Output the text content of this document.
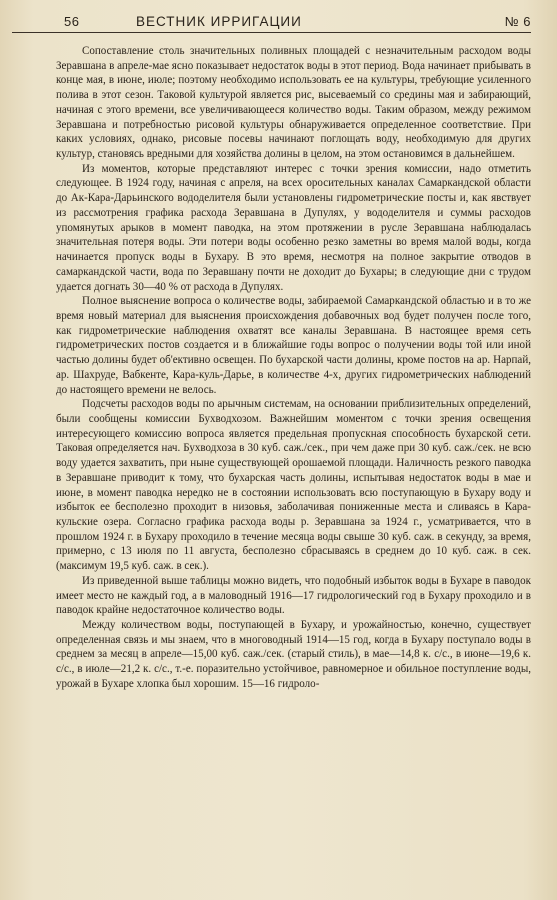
56	ВЕСТНИК ИРРИГАЦИИ	№ 6

Сопоставление столь значительных поливных площадей с незначительным расходом воды Зеравшана в апреле-мае ясно показывает недостаток воды в этот период. Вода начинает прибывать в конце мая, в июне, июле; поэтому необходимо использовать ее на культуры, требующие усиленного полива в этот сезон. Таковой культурой является рис, высеваемый со средины мая и забирающий, начиная с этого времени, все увеличивающееся количество воды. Таким образом, между режимом Зеравшана и потребностью рисовой культуры обнаруживается определенное соответствие. При каких условиях, однако, рисовые посевы начинают поглощать воду, необходимую для других культур, становясь вредными для хозяйства долины в целом, на этом остановимся в дальнейшем.

Из моментов, которые представляют интерес с точки зрения комиссии, надо отметить следующее. В 1924 году, начиная с апреля, на всех оросительных каналах Самаркандской области до Ак-Кара-Дарьинского вододелителя были установлены гидрометрические посты и, как явствует из рассмотрения графика расхода Зеравшана в Дупулях, у вододелителя и суммы расходов упомянутых арыков в момент паводка, на этом протяжении в русле Зеравшана наблюдалась значительная потеря воды. Эти потери воды особенно резко заметны во время малой воды, когда начинается пропуск воды в Бухару. В это время, несмотря на полное закрытие отводов в самаркандской части, вода по Зеравшану почти не доходит до Бухары; в следующие дни с трудом удается догнать 30—40 % от расхода в Дупулях.

Полное выяснение вопроса о количестве воды, забираемой Самаркандской областью и в то же время новый материал для выяснения происхождения добавочных вод будет получен после того, как гидрометрические наблюдения охватят все каналы Зеравшана. В настоящее время сеть гидрометрических постов создается и в ближайшие годы вопрос о получении воды той или иной частью долины будет об'ективно освещен. По бухарской части долины, кроме постов на ар. Нарпай, ар. Шахруде, Вабкенте, Кара-куль-Дарье, в количестве 4-х, других гидрометрических наблюдений до настоящего времени не велось.

Подсчеты расходов воды по арычным системам, на основании приблизительных определений, были сообщены комиссии Бухводхозом. Важнейшим моментом с точки зрения освещения интересующего комиссию вопроса является предельная пропускная способность бухарской сети. Таковая определяется нач. Бухводхоза в 30 куб. саж./сек., при чем даже при 30 куб. саж./сек. не всю воду удается захватить, при ныне существующей орошаемой площади. Наличность резкого паводка в Зеравшане приводит к тому, что бухарская часть долины, испытывая недостаток воды в мае и июне, в момент паводка нередко не в состоянии использовать всю поступающую в Бухару воду и избыток ее бесполезно проходит в низовья, заболачивая пониженные места и сливаясь в Кара-кульские озера. Согласно графика расхода воды р. Зеравшана за 1924 г., усматривается, что в прошлом 1924 г. в Бухару проходило в течение месяца воды свыше 30 куб. саж. в секунду, за время, примерно, с 13 июля по 11 августа, бесполезно сбрасываясь в среднем до 10 куб. саж. в сек. (максимум 19,5 куб. саж. в сек.).

Из приведенной выше таблицы можно видеть, что подобный избыток воды в Бухаре в паводок имеет место не каждый год, а в маловодный 1916—17 гидрологический год в Бухару проходило и в паводок крайне недостаточное количество воды.

Между количеством воды, поступающей в Бухару, и урожайностью, конечно, существует определенная связь и мы знаем, что в многоводный 1914—15 год, когда в Бухару поступало воды в среднем за месяц в апреле—15,00 куб. саж./сек. (старый стиль), в мае—14,8 к. с/с., в июне—19,6 к. с/с., в июле—21,2 к. с/с., т.-е. поразительно устойчивое, равномерное и обильное поступление воды, урожай в Бухаре хлопка был хорошим. 15—16 гидроло-
